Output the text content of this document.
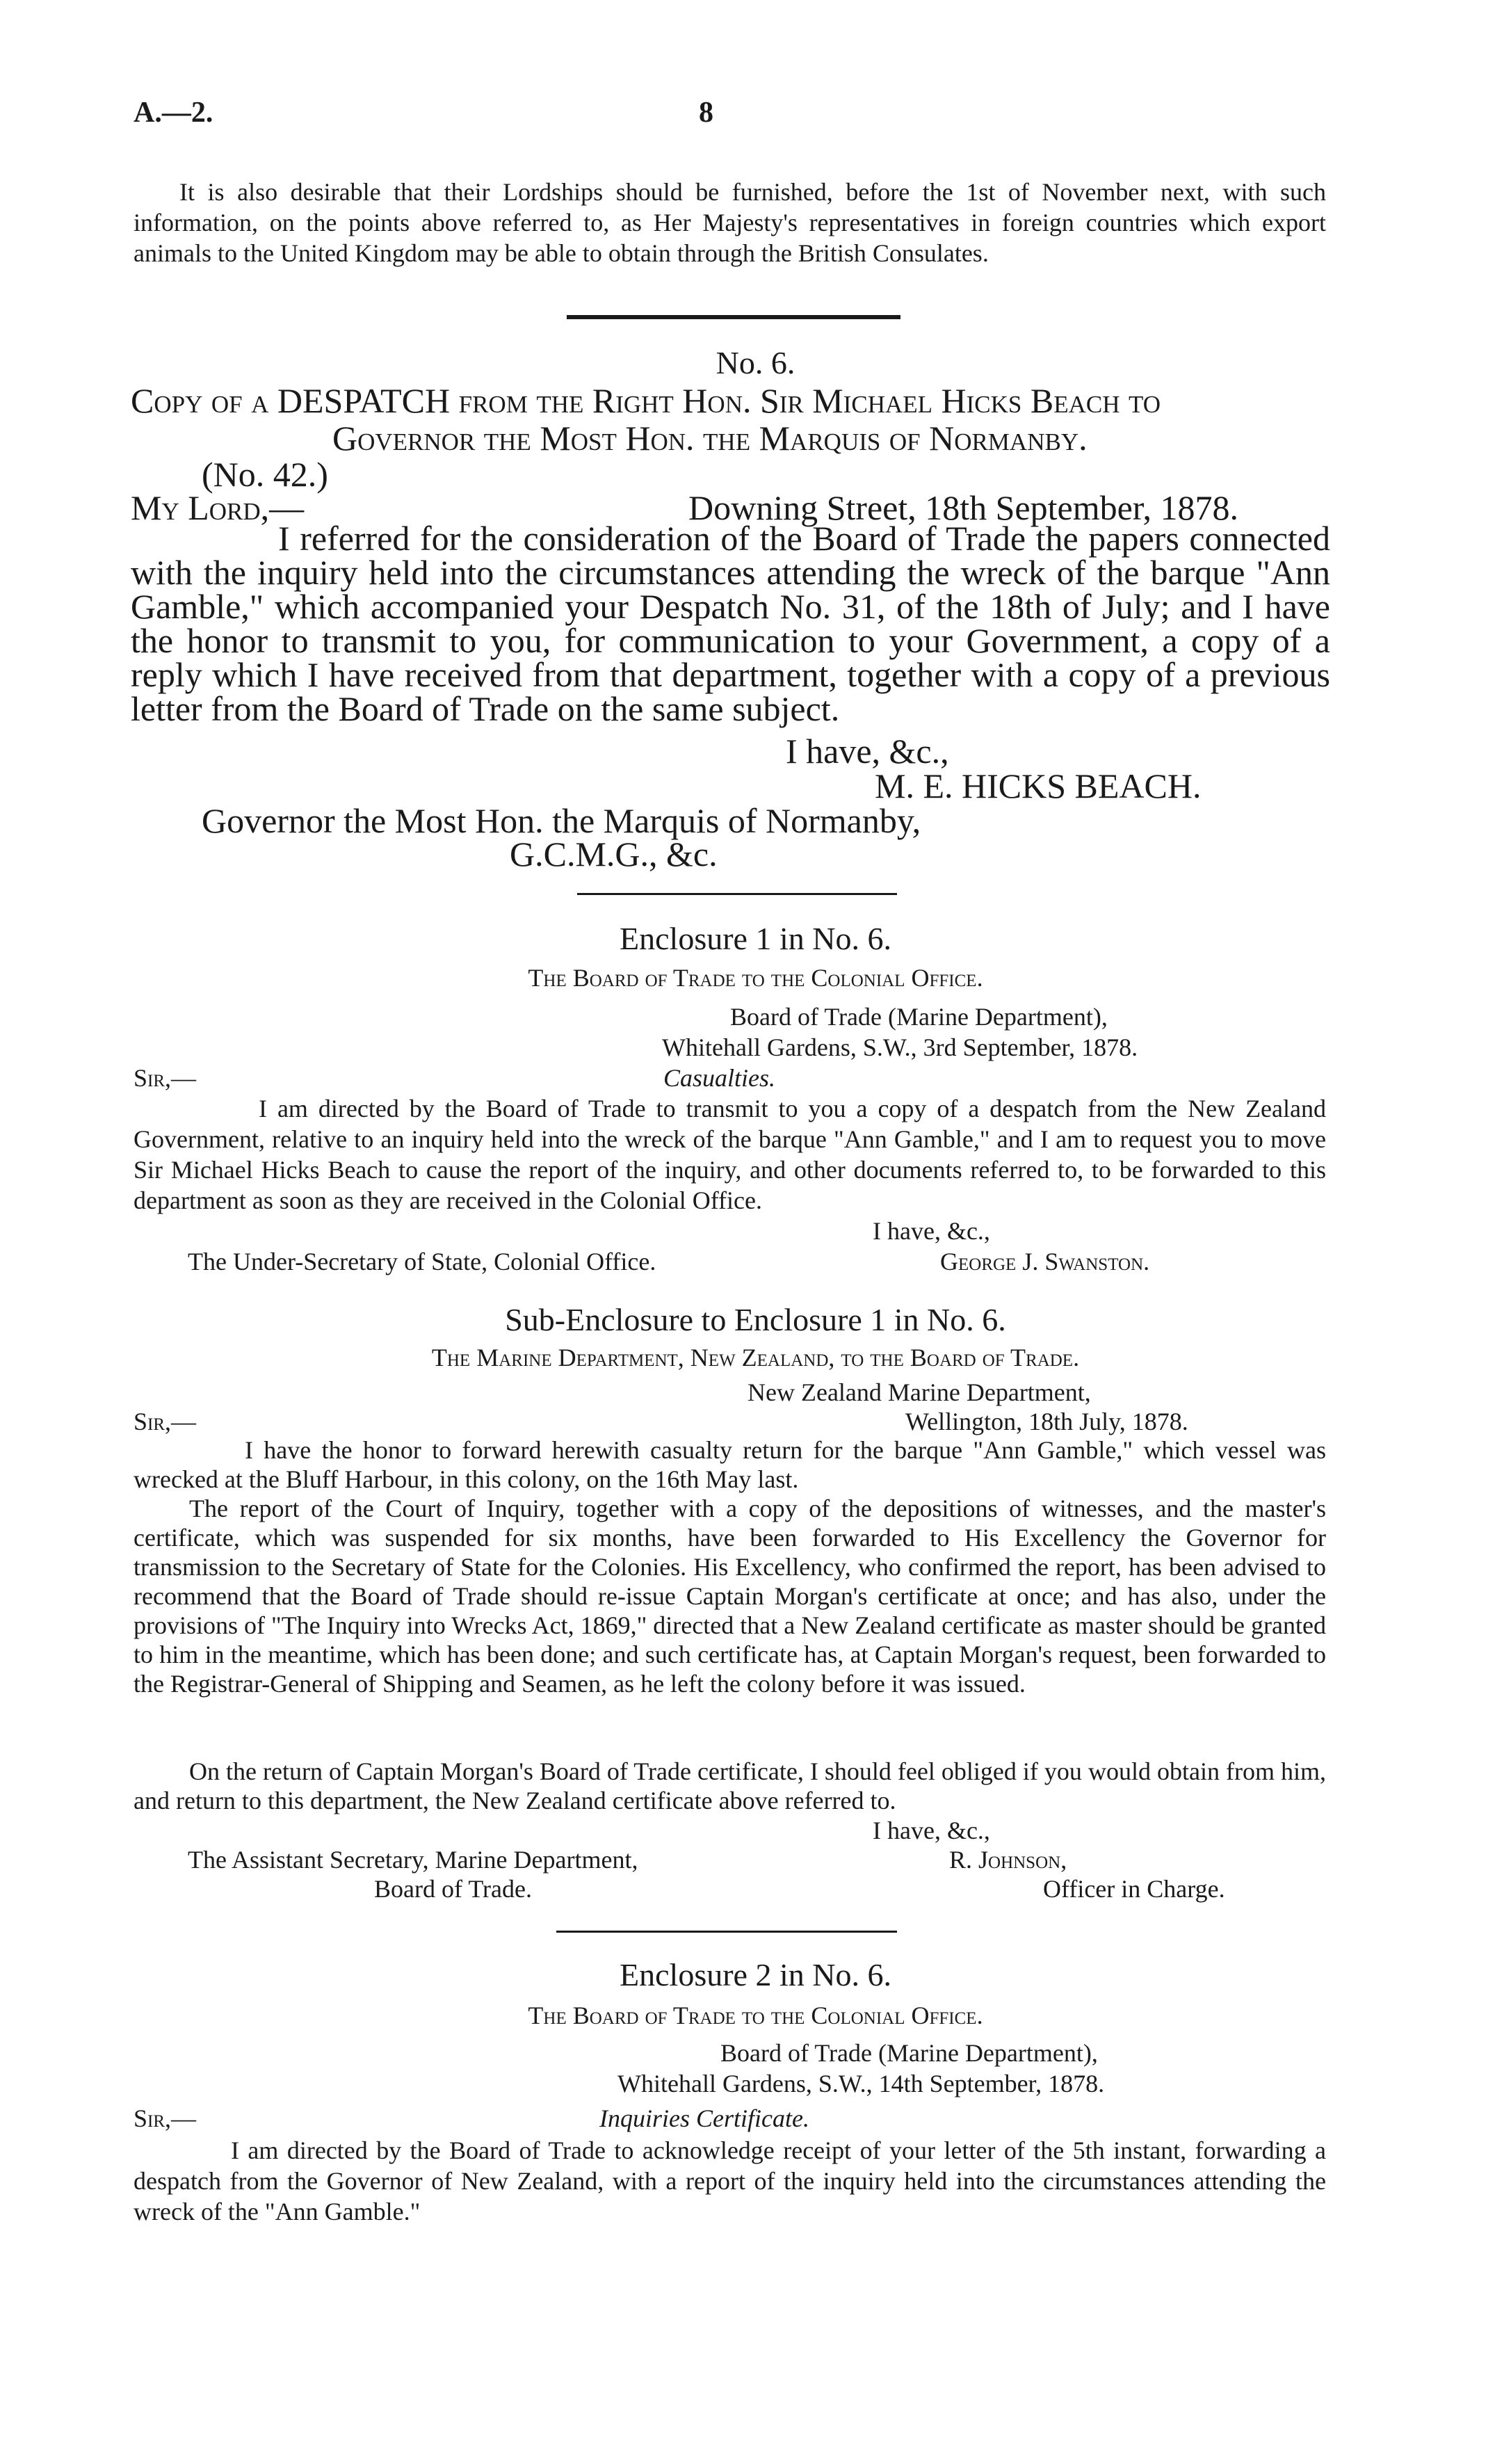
A.—2.	8
It is also desirable that their Lordships should be furnished, before the 1st of November next, with such information, on the points above referred to, as Her Majesty's representatives in foreign countries which export animals to the United Kingdom may be able to obtain through the British Consulates.
No. 6.
Copy of a DESPATCH from the Right Hon. Sir Michael Hicks Beach to
Governor the Most Hon. the Marquis of Normanby.
(No. 42.)
My Lord,—	Downing Street, 18th September, 1878.
I referred for the consideration of the Board of Trade the papers connected with the inquiry held into the circumstances attending the wreck of the barque "Ann Gamble," which accompanied your Despatch No. 31, of the 18th of July; and I have the honor to transmit to you, for communication to your Government, a copy of a reply which I have received from that department, together with a copy of a previous letter from the Board of Trade on the same subject.
I have, &c.,
M. E. HICKS BEACH.
Governor the Most Hon. the Marquis of Normanby,
G.C.M.G., &c.
Enclosure 1 in No. 6.
The Board of Trade to the Colonial Office.
Board of Trade (Marine Department),
Whitehall Gardens, S.W., 3rd September, 1878.
Sir,—	Casualties.
I am directed by the Board of Trade to transmit to you a copy of a despatch from the New Zealand Government, relative to an inquiry held into the wreck of the barque "Ann Gamble," and I am to request you to move Sir Michael Hicks Beach to cause the report of the inquiry, and other documents referred to, to be forwarded to this department as soon as they are received in the Colonial Office.
I have, &c.,
The Under-Secretary of State, Colonial Office.	George J. Swanston.
Sub-Enclosure to Enclosure 1 in No. 6.
The Marine Department, New Zealand, to the Board of Trade.
New Zealand Marine Department,
Sir,—	Wellington, 18th July, 1878.
I have the honor to forward herewith casualty return for the barque "Ann Gamble," which vessel was wrecked at the Bluff Harbour, in this colony, on the 16th May last.
The report of the Court of Inquiry, together with a copy of the depositions of witnesses, and the master's certificate, which was suspended for six months, have been forwarded to His Excellency the Governor for transmission to the Secretary of State for the Colonies. His Excellency, who confirmed the report, has been advised to recommend that the Board of Trade should re-issue Captain Morgan's certificate at once; and has also, under the provisions of "The Inquiry into Wrecks Act, 1869," directed that a New Zealand certificate as master should be granted to him in the meantime, which has been done; and such certificate has, at Captain Morgan's request, been forwarded to the Registrar-General of Shipping and Seamen, as he left the colony before it was issued.
On the return of Captain Morgan's Board of Trade certificate, I should feel obliged if you would obtain from him, and return to this department, the New Zealand certificate above referred to.
I have, &c.,
The Assistant Secretary, Marine Department,	R. Johnson,
Board of Trade.	Officer in Charge.
Enclosure 2 in No. 6.
The Board of Trade to the Colonial Office.
Board of Trade (Marine Department),
Whitehall Gardens, S.W., 14th September, 1878.
Sir,—	Inquiries Certificate.
I am directed by the Board of Trade to acknowledge receipt of your letter of the 5th instant, forwarding a despatch from the Governor of New Zealand, with a report of the inquiry held into the circumstances attending the wreck of the "Ann Gamble."
